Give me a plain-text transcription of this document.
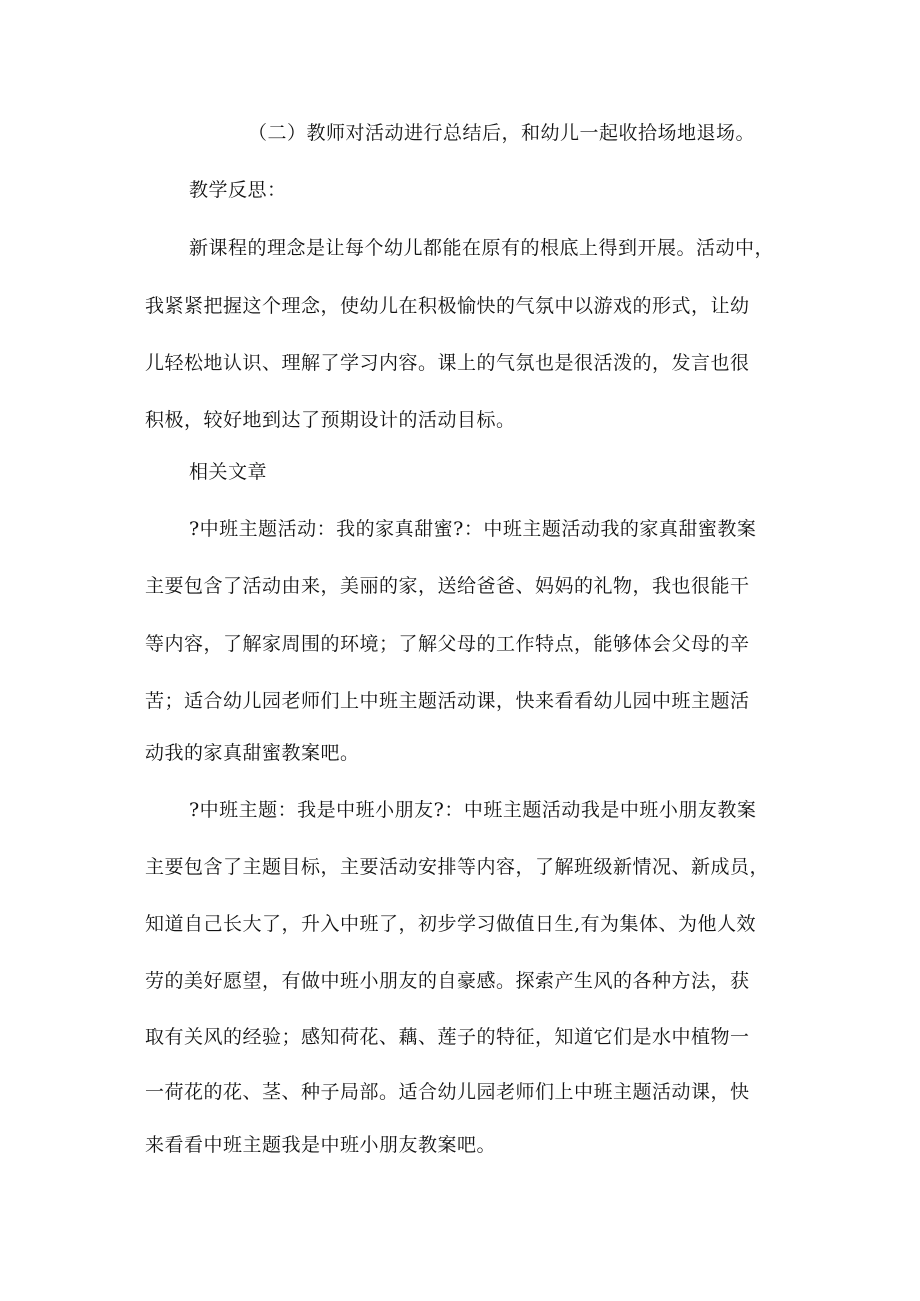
（二）教师对活动进行总结后，和幼儿一起收拾场地退场。
教学反思：
新课程的理念是让每个幼儿都能在原有的根底上得到开展。活动中，
我紧紧把握这个理念，使幼儿在积极愉快的气氛中以游戏的形式，让幼
儿轻松地认识、理解了学习内容。课上的气氛也是很活泼的，发言也很
积极，较好地到达了预期设计的活动目标。
相关文章
?中班主题活动：我的家真甜蜜?：中班主题活动我的家真甜蜜教案
主要包含了活动由来，美丽的家，送给爸爸、妈妈的礼物，我也很能干
等内容，了解家周围的环境；了解父母的工作特点，能够体会父母的辛
苦；适合幼儿园老师们上中班主题活动课，快来看看幼儿园中班主题活
动我的家真甜蜜教案吧。
?中班主题：我是中班小朋友?：中班主题活动我是中班小朋友教案
主要包含了主题目标，主要活动安排等内容，了解班级新情况、新成员，
知道自己长大了，升入中班了，初步学习做值日生,有为集体、为他人效
劳的美好愿望，有做中班小朋友的自豪感。探索产生风的各种方法，获
取有关风的经验；感知荷花、藕、莲子的特征，知道它们是水中植物一
一荷花的花、茎、种子局部。适合幼儿园老师们上中班主题活动课，快
来看看中班主题我是中班小朋友教案吧。
